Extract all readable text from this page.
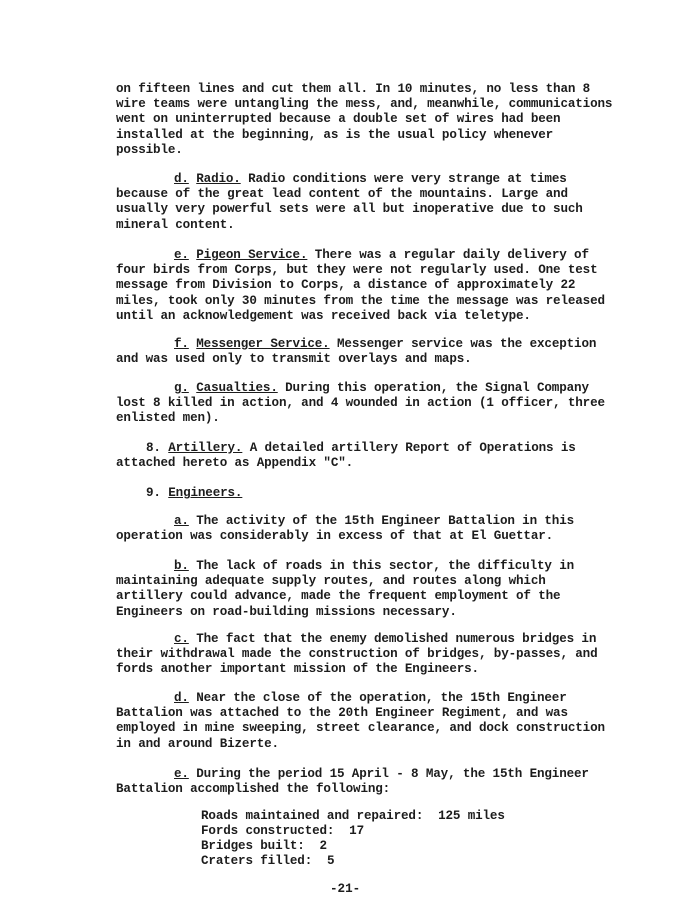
on fifteen lines and cut them all. In 10 minutes, no less than 8 wire teams were untangling the mess, and, meanwhile, communications went on uninterrupted because a double set of wires had been installed at the beginning, as is the usual policy whenever possible.

d. Radio. Radio conditions were very strange at times because of the great lead content of the mountains. Large and usually very powerful sets were all but inoperative due to such mineral content.

e. Pigeon Service. There was a regular daily delivery of four birds from Corps, but they were not regularly used. One test message from Division to Corps, a distance of approximately 22 miles, took only 30 minutes from the time the message was released until an acknowledgement was received back via teletype.

f. Messenger Service. Messenger service was the exception and was used only to transmit overlays and maps.

g. Casualties. During this operation, the Signal Company lost 8 killed in action, and 4 wounded in action (1 officer, three enlisted men).

8. Artillery. A detailed artillery Report of Operations is attached hereto as Appendix "C".

9. Engineers.

a. The activity of the 15th Engineer Battalion in this operation was considerably in excess of that at El Guettar.

b. The lack of roads in this sector, the difficulty in maintaining adequate supply routes, and routes along which artillery could advance, made the frequent employment of the Engineers on road-building missions necessary.

c. The fact that the enemy demolished numerous bridges in their withdrawal made the construction of bridges, by-passes, and fords another important mission of the Engineers.

d. Near the close of the operation, the 15th Engineer Battalion was attached to the 20th Engineer Regiment, and was employed in mine sweeping, street clearance, and dock construction in and around Bizerte.

e. During the period 15 April - 8 May, the 15th Engineer Battalion accomplished the following:

Roads maintained and repaired: 125 miles
Fords constructed: 17
Bridges built: 2
Craters filled: 5
-21-
